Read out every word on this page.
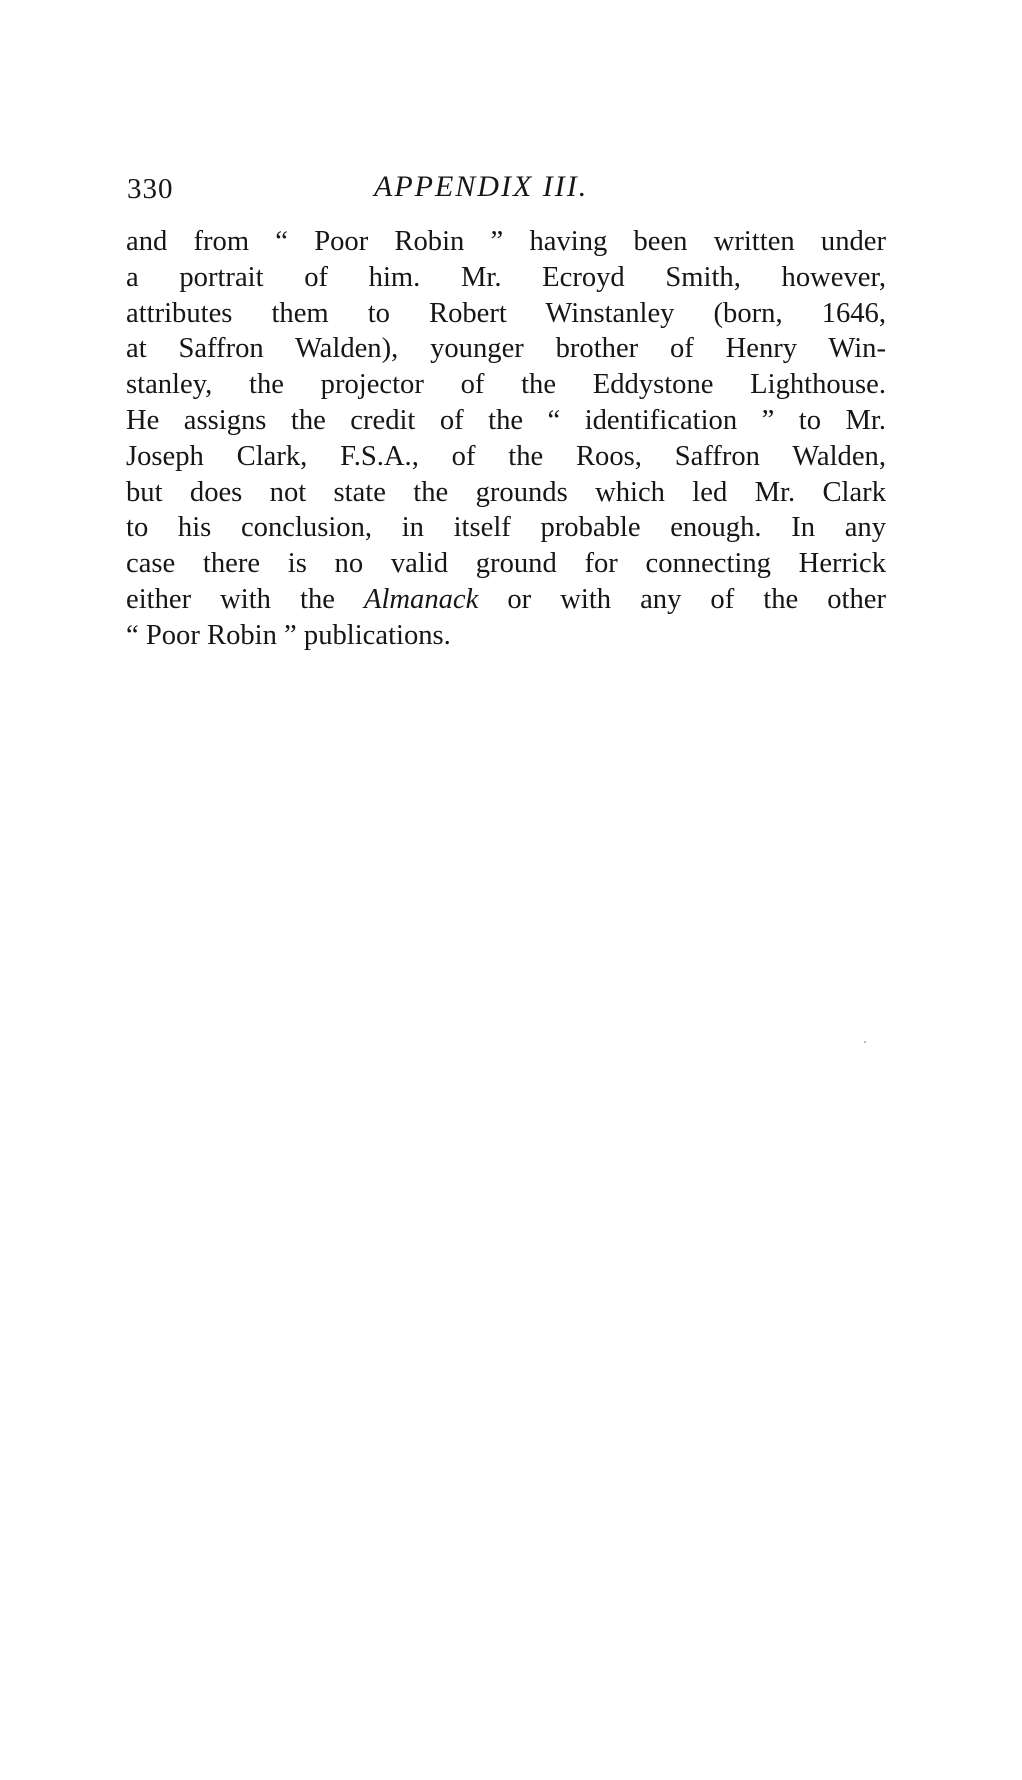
330	APPENDIX III.
and from “ Poor Robin ” having been written under
a portrait of him. Mr. Ecroyd Smith, however,
attributes them to Robert Winstanley (born, 1646,
at Saffron Walden), younger brother of Henry Win-
stanley, the projector of the Eddystone Lighthouse.
He assigns the credit of the “ identification ” to Mr.
Joseph Clark, F.S.A., of the Roos, Saffron Walden,
but does not state the grounds which led Mr. Clark
to his conclusion, in itself probable enough. In any
case there is no valid ground for connecting Herrick
either with the Almanack or with any of the other
“ Poor Robin ” publications.
